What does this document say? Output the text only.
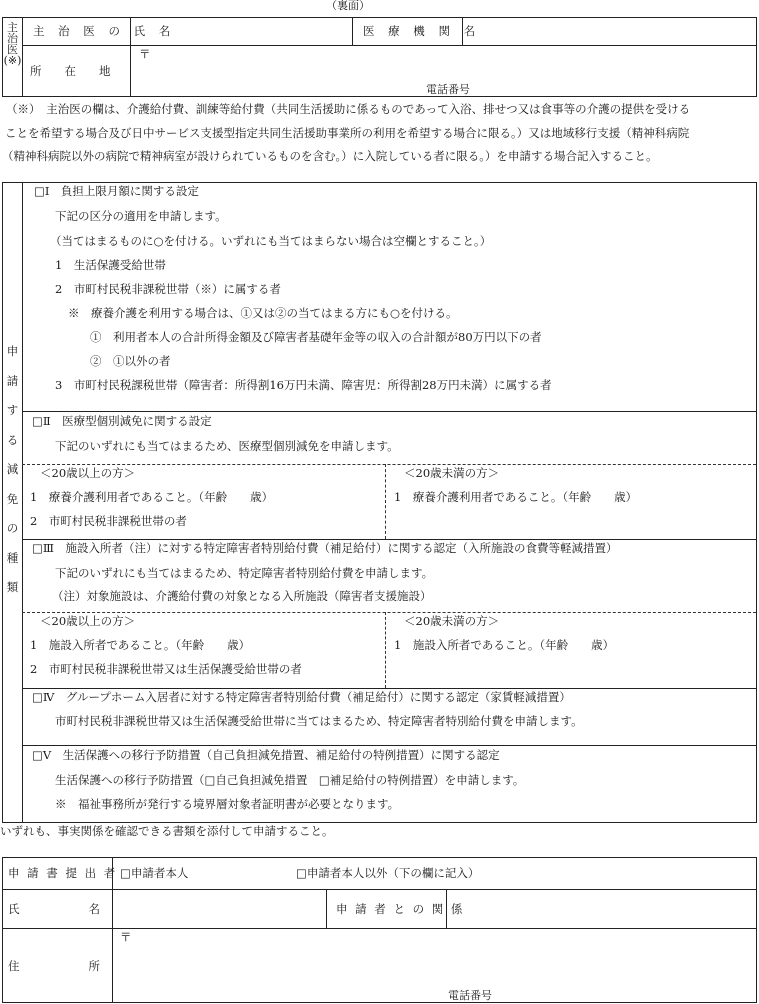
（裏面）
主
治
医
(※)
主 治 医 の 氏 名	医 療 機 関 名
所　　在　　地
〒
電話番号
（※）　主治医の欄は、介護給付費、訓練等給付費（共同生活援助に係るものであって入浴、排せつ又は食事等の介護の提供を受ける
ことを希望する場合及び日中サービス支援型指定共同生活援助事業所の利用を希望する場合に限る。）又は地域移行支援（精神科病院
（精神科病院以外の病院で精神病室が設けられているものを含む。）に入院している者に限る。）を申請する場合記入すること。
申
請
す
る
減
免
の
種
類
□Ⅰ　負担上限月額に関する設定
下記の区分の適用を申請します。
（当てはまるものに○を付ける。いずれにも当てはまらない場合は空欄とすること。）
1　生活保護受給世帯
2　市町村民税非課税世帯（※）に属する者
※　療養介護を利用する場合は、①又は②の当てはまる方にも○を付ける。
①　利用者本人の合計所得金額及び障害者基礎年金等の収入の合計額が80万円以下の者
②　①以外の者
3　市町村民税課税世帯（障害者：所得割16万円未満、障害児：所得割28万円未満）に属する者
□Ⅱ　医療型個別減免に関する設定
下記のいずれにも当てはまるため、医療型個別減免を申請します。
＜20歳以上の方＞	＜20歳未満の方＞
1　療養介護利用者であること。（年齢　　歳）	1　療養介護利用者であること。（年齢　　歳）
2　市町村民税非課税世帯の者
□Ⅲ　施設入所者（注）に対する特定障害者特別給付費（補足給付）に関する認定（入所施設の食費等軽減措置）
下記のいずれにも当てはまるため、特定障害者特別給付費を申請します。
（注）対象施設は、介護給付費の対象となる入所施設（障害者支援施設）
＜20歳以上の方＞	＜20歳未満の方＞
1　施設入所者であること。（年齢　　歳）	1　施設入所者であること。（年齢　　歳）
2　市町村民税非課税世帯又は生活保護受給世帯の者
□Ⅳ　グループホーム入居者に対する特定障害者特別給付費（補足給付）に関する認定（家賃軽減措置）
市町村民税非課税世帯又は生活保護受給世帯に当てはまるため、特定障害者特別給付費を申請します。
□Ⅴ　生活保護への移行予防措置（自己負担減免措置、補足給付の特例措置）に関する認定
生活保護への移行予防措置（□自己負担減免措置　□補足給付の特例措置）を申請します。
※　福祉事務所が発行する境界層対象者証明書が必要となります。
いずれも、事実関係を確認できる書類を添付して申請すること。
申 請 書 提 出 者 □申請者本人	□申請者本人以外（下の欄に記入）
氏　　　　　　名	申 請 者 と の 関 係
住　　　　　　所
〒
電話番号
